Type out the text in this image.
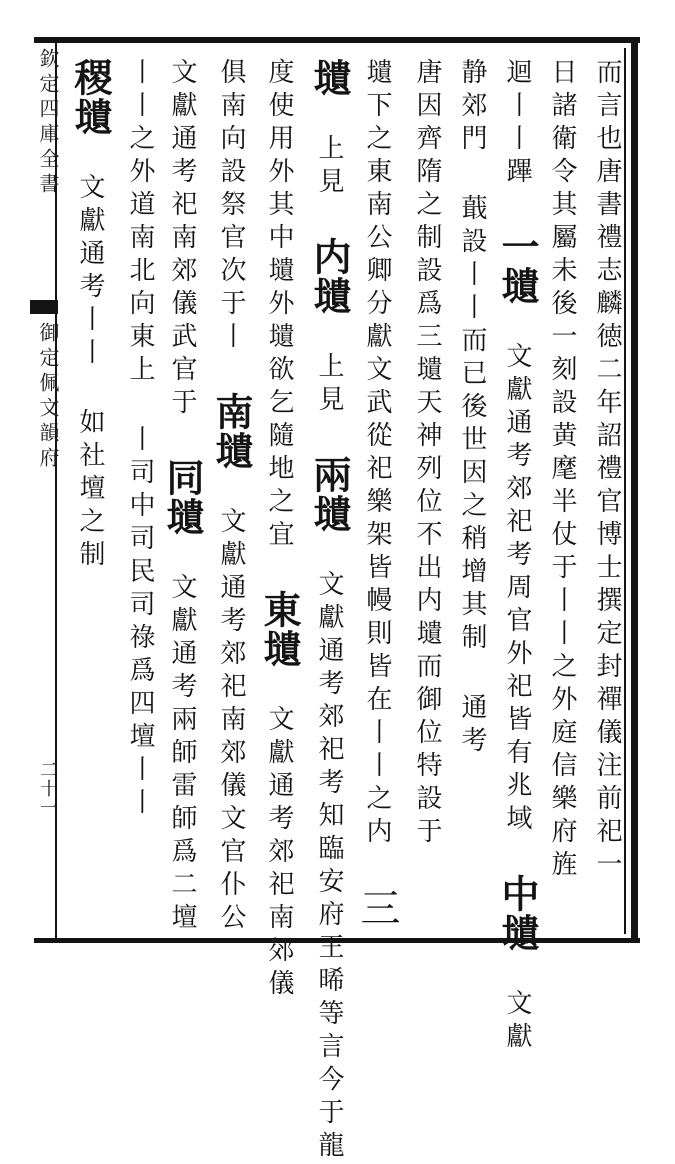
欽定四庫全書
御定佩文韻府
二十一	而言也唐書禮志麟徳二年詔禮官博士撰定封禪儀注前祀一
日諸衛令其屬未後一刻設黄麾半仗于丨丨之外庭信樂府旌
迴丨丨蹕 一壝 文獻通考郊祀考周官外祀皆有兆域 中壝 文獻
静郊門 蕺設丨丨而已後世因之稍增其制 通考
唐因齊隋之制設爲三壝天神列位不出内壝而御位特設于
壝下之東南公卿分獻文武從祀樂架皆幔則皆在丨丨之内 三
壝 上見 内壝 上見 兩壝 文獻通考郊祀考知臨安府王晞等言今于龍
度使用外其中壝外壝欲乞隨地之宜 東壝 文獻通考郊祀南郊儀
俱南向設祭官次于丨 南壝 文獻通考郊祀南郊儀文官仆公
文獻通考祀南郊儀武官于 同壝 文獻通考兩師雷師爲二壇
丨丨之外道南北向東上 丨司中司民司祿爲四壇丨丨
稷壝 文獻通考丨丨 如社壇之制
